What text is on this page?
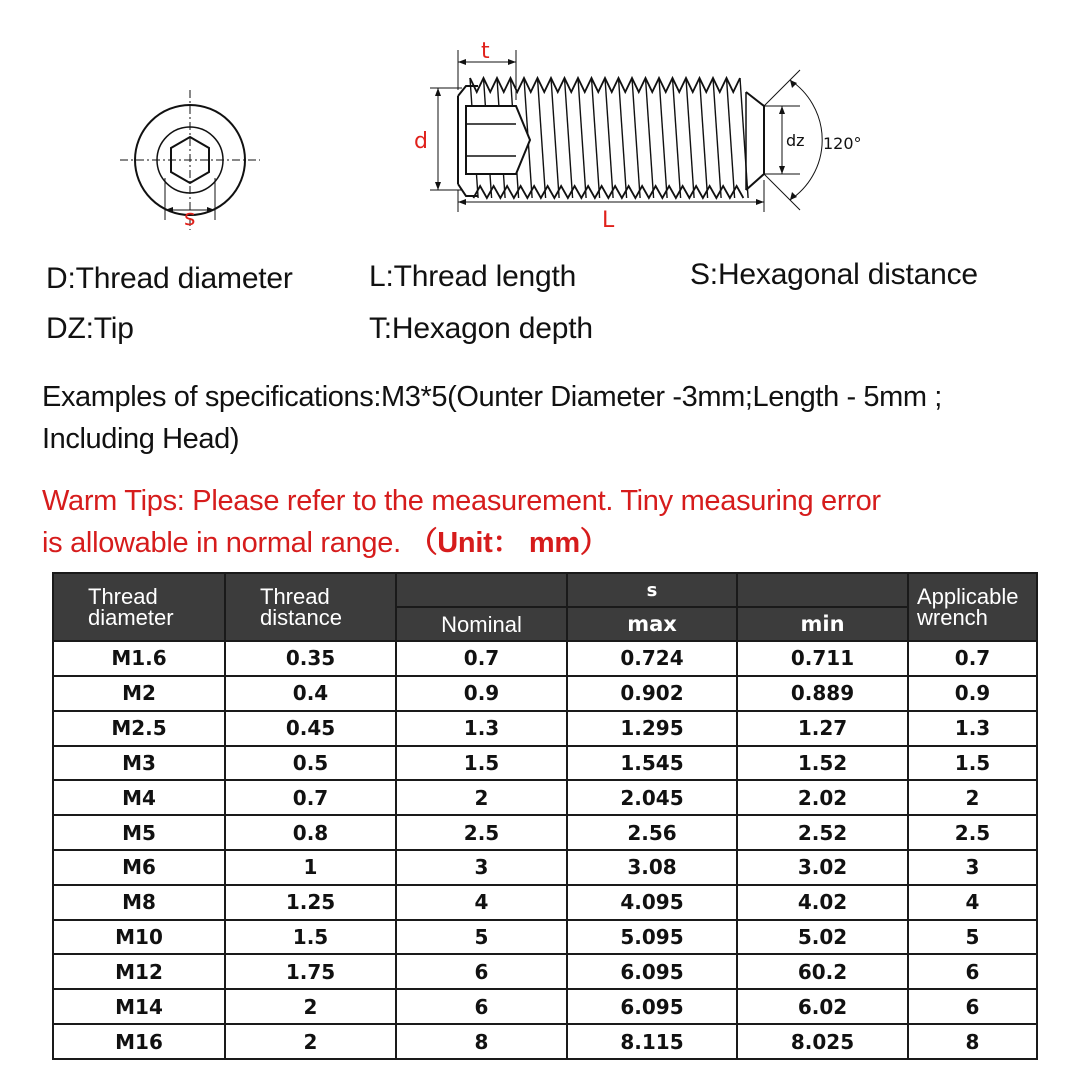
s
t
d
L
dz 120°
D:Thread diameter	L:Thread length	S:Hexagonal distance
DZ:Tip	T:Hexagon depth
Examples of specifications:M3*5(Ounter Diameter -3mm;Length - 5mm ;
Including Head)
Warm Tips: Please refer to the measurement. Tiny measuring error
is allowable in normal range. （Unit： mm）
Thread diameter	Thread distance		s		Applicable wrench
		Nominal	max	min	
M1.6	0.35	0.7	0.724	0.711	0.7
M2	0.4	0.9	0.902	0.889	0.9
M2.5	0.45	1.3	1.295	1.27	1.3
M3	0.5	1.5	1.545	1.52	1.5
M4	0.7	2	2.045	2.02	2
M5	0.8	2.5	2.56	2.52	2.5
M6	1	3	3.08	3.02	3
M8	1.25	4	4.095	4.02	4
M10	1.5	5	5.095	5.02	5
M12	1.75	6	6.095	60.2	6
M14	2	6	6.095	6.02	6
M16	2	8	8.115	8.025	8
